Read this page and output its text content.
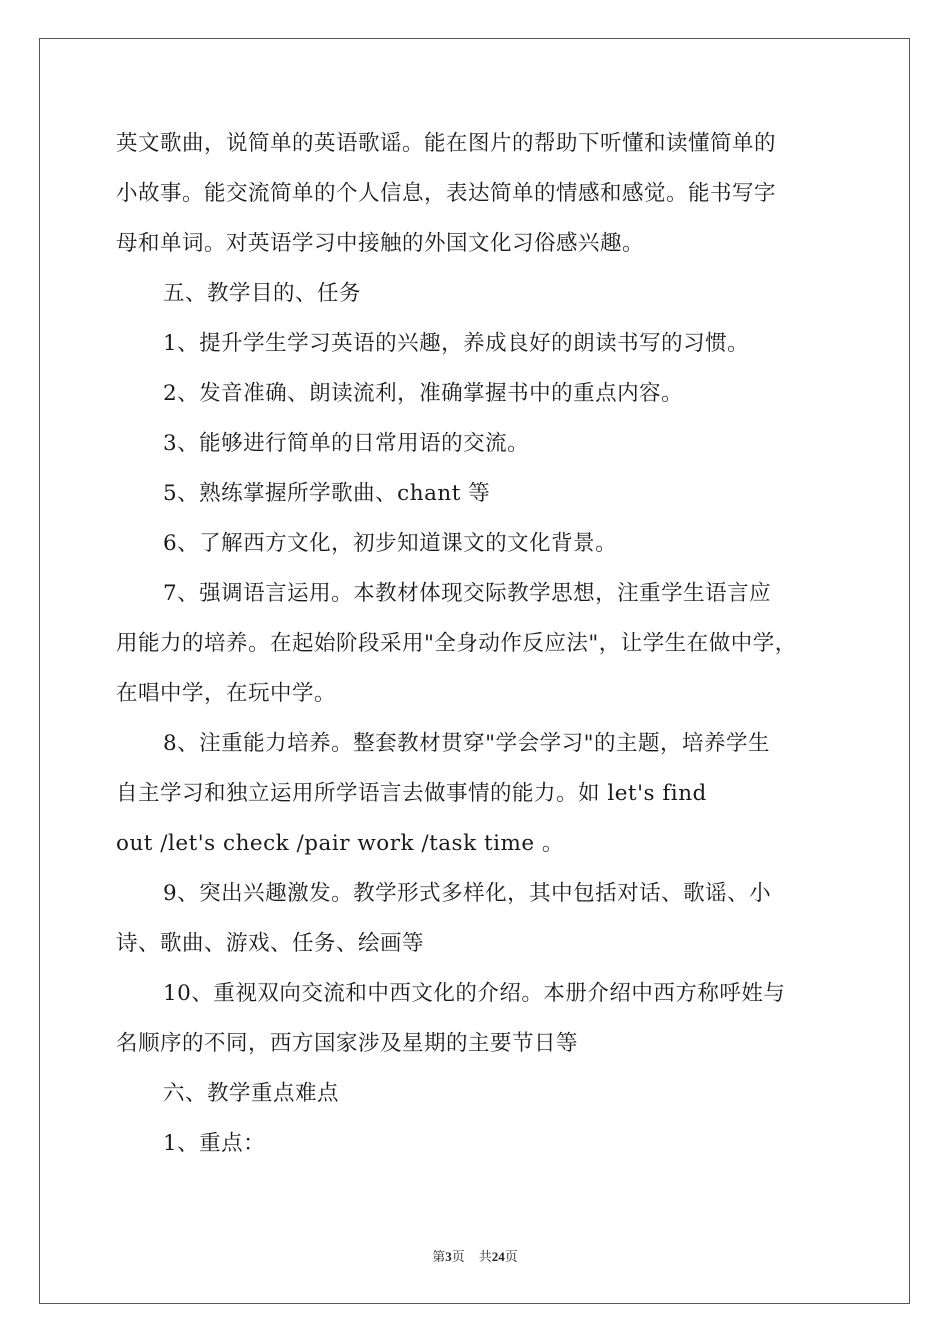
英文歌曲，说简单的英语歌谣。能在图片的帮助下听懂和读懂简单的
小故事。能交流简单的个人信息，表达简单的情感和感觉。能书写字
母和单词。对英语学习中接触的外国文化习俗感兴趣。
五、教学目的、任务
1、提升学生学习英语的兴趣，养成良好的朗读书写的习惯。
2、发音准确、朗读流利，准确掌握书中的重点内容。
3、能够进行简单的日常用语的交流。
5、熟练掌握所学歌曲、chant 等
6、了解西方文化，初步知道课文的文化背景。
7、强调语言运用。本教材体现交际教学思想，注重学生语言应
用能力的培养。在起始阶段采用"全身动作反应法"，让学生在做中学，
在唱中学，在玩中学。
8、注重能力培养。整套教材贯穿"学会学习"的主题，培养学生
自主学习和独立运用所学语言去做事情的能力。如 let's find
out /let's check /pair work /task time 。
9、突出兴趣激发。教学形式多样化，其中包括对话、歌谣、小
诗、歌曲、游戏、任务、绘画等
10、重视双向交流和中西文化的介绍。本册介绍中西方称呼姓与
名顺序的不同，西方国家涉及星期的主要节日等
六、教学重点难点
1、重点：
第3页 共24页
